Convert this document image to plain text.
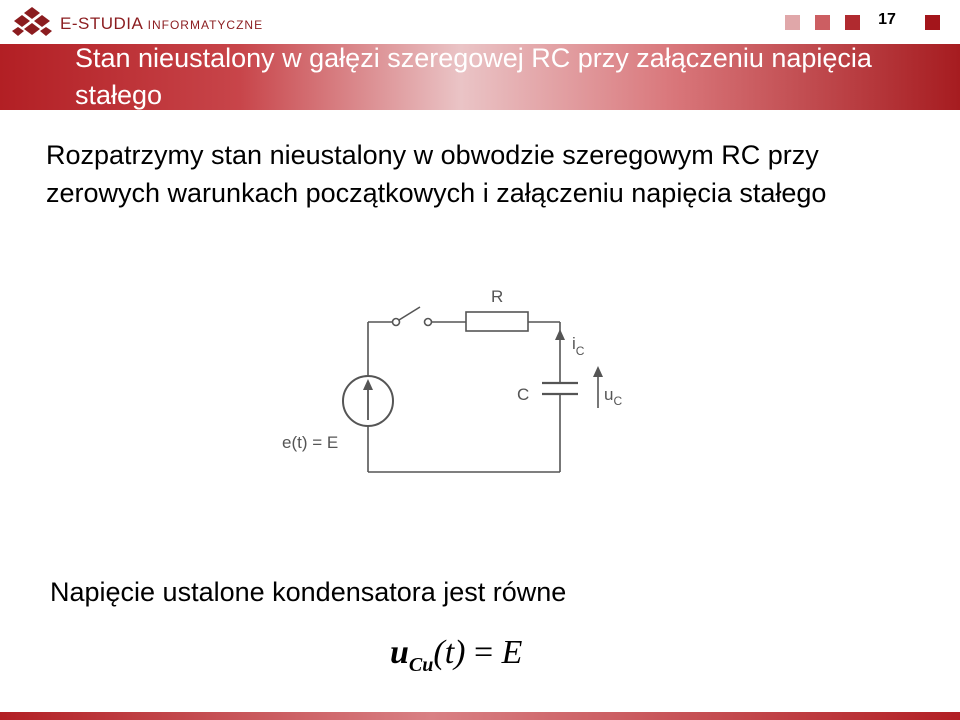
E-STUDIA INFORMATYCZNE	17
Stan nieustalony w gałęzi szeregowej RC przy załączeniu napięcia stałego
Rozpatrzymy stan nieustalony w obwodzie szeregowym RC przy zerowych warunkach początkowych i załączeniu napięcia stałego
R
$i_C$
C	$u_C$
e(t) = E
Napięcie ustalone kondensatora jest równe
$u_{Cu}(t) = E$
